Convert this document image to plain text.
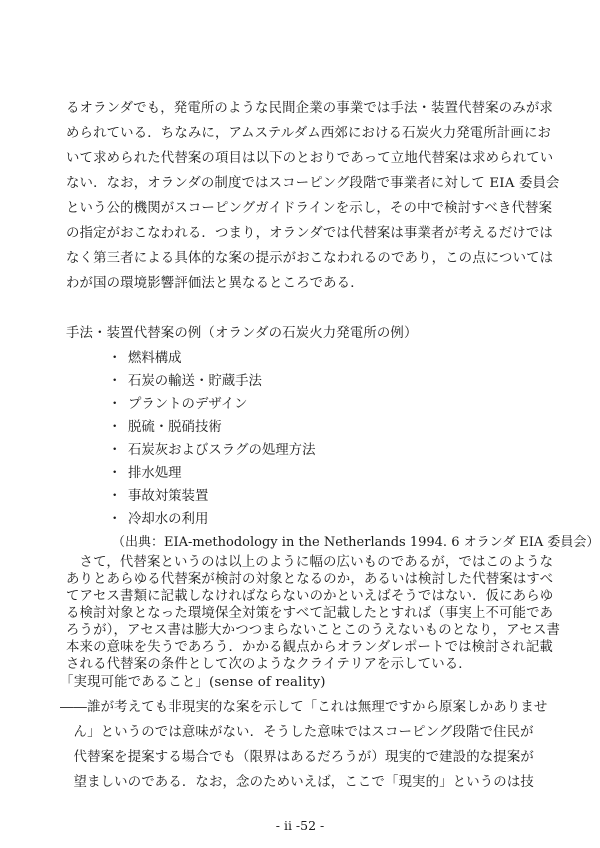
るオランダでも，発電所のような民間企業の事業では手法・装置代替案のみが求
められている．ちなみに，アムステルダム西郊における石炭火力発電所計画にお
いて求められた代替案の項目は以下のとおりであって立地代替案は求められてい
ない．なお，オランダの制度ではスコーピング段階で事業者に対して EIA 委員会
という公的機関がスコーピングガイドラインを示し，その中で検討すべき代替案
の指定がおこなわれる．つまり，オランダでは代替案は事業者が考えるだけでは
なく第三者による具体的な案の提示がおこなわれるのであり，この点については
わが国の環境影響評価法と異なるところである．
手法・装置代替案の例（オランダの石炭火力発電所の例）
・ 燃料構成
・ 石炭の輸送・貯蔵手法
・ プラントのデザイン
・ 脱硫・脱硝技術
・ 石炭灰およびスラグの処理方法
・ 排水処理
・ 事故対策装置
・ 冷却水の利用
（出典：EIA-methodology in the Netherlands 1994. 6 オランダ EIA 委員会）
　さて，代替案というのは以上のように幅の広いものであるが，ではこのような
ありとあらゆる代替案が検討の対象となるのか，あるいは検討した代替案はすべ
てアセス書類に記載しなければならないのかといえばそうではない．仮にあらゆ
る検討対象となった環境保全対策をすべて記載したとすれば（事実上不可能であ
ろうが），アセス書は膨大かつつまらないことこのうえないものとなり，アセス書
本来の意味を失うであろう．かかる観点からオランダレポートでは検討され記載
される代替案の条件として次のようなクライテリアを示している．
「実現可能であること」(sense of reality)
――誰が考えても非現実的な案を示して「これは無理ですから原案しかありませ
　ん」というのでは意味がない．そうした意味ではスコーピング段階で住民が
　代替案を提案する場合でも（限界はあるだろうが）現実的で建設的な提案が
　望ましいのである．なお，念のためいえば，ここで「現実的」というのは技
- ii -52 -
